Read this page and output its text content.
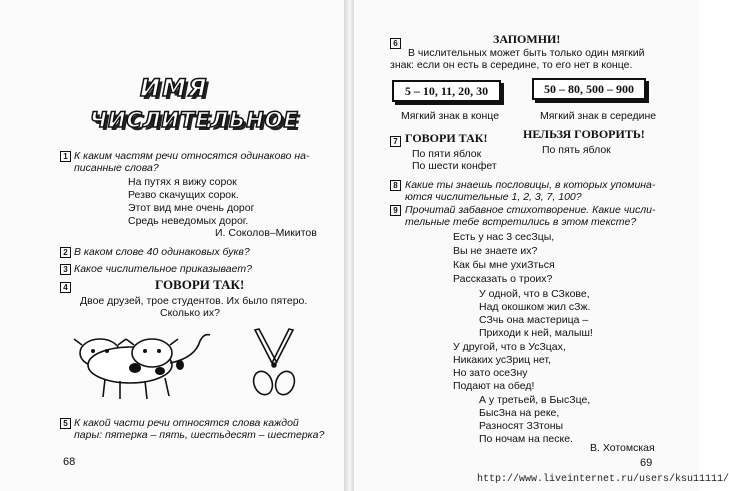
ИМЯ
ЧИСЛИТЕЛЬНОЕ
1 К каким частям речи относятся одинаково на-
писанные слова?
На путях я вижу сорок
Резво скачущих сорок.
Этот вид мне очень дорог
Средь неведомых дорог.
И. Соколов–Микитов
2 В каком слове 40 одинаковых букв?
3 Какое числительное приказывает?
4	ГОВОРИ ТАК!
Двое друзей, трое студентов. Их было пятеро.
Сколько их?
5 К какой части речи относятся слова каждой
пары: пятерка – пять, шестьдесят – шестерка?
68
6	ЗАПОМНИ!
В числительных может быть только один мягкий
знак: если он есть в середине, то его нет в конце.
5 – 10, 11, 20, 30	50 – 80, 500 – 900
Мягкий знак в конце	Мягкий знак в середине
7 ГОВОРИ ТАК!	НЕЛЬЗЯ ГОВОРИТЬ!
По пяти яблок
По шести конфет
По пять яблок
8 Какие ты знаешь пословицы, в которых упомина-
ются числительные 1, 2, 3, 7, 100?
9 Прочитай забавное стихотворение. Какие числи-
тельные тебе встретились в этом тексте?
Есть у нас 3 сесЗцы,
Вы не знаете их?
Как бы мне ухиЗться
Рассказать о троих?
У одной, что в СЗкове,
Над окошком жил сЗж.
СЗчь она мастерица –
Приходи к ней, малыш!
У другой, что в УсЗцах,
Никаких усЗриц нет,
Но зато осеЗну
Подают на обед!
А у третьей, в БысЗце,
БысЗна на реке,
Разносят ЗЗтоны
По ночам на песке.
В. Хотомская
69
http://www.liveinternet.ru/users/ksu11111/
